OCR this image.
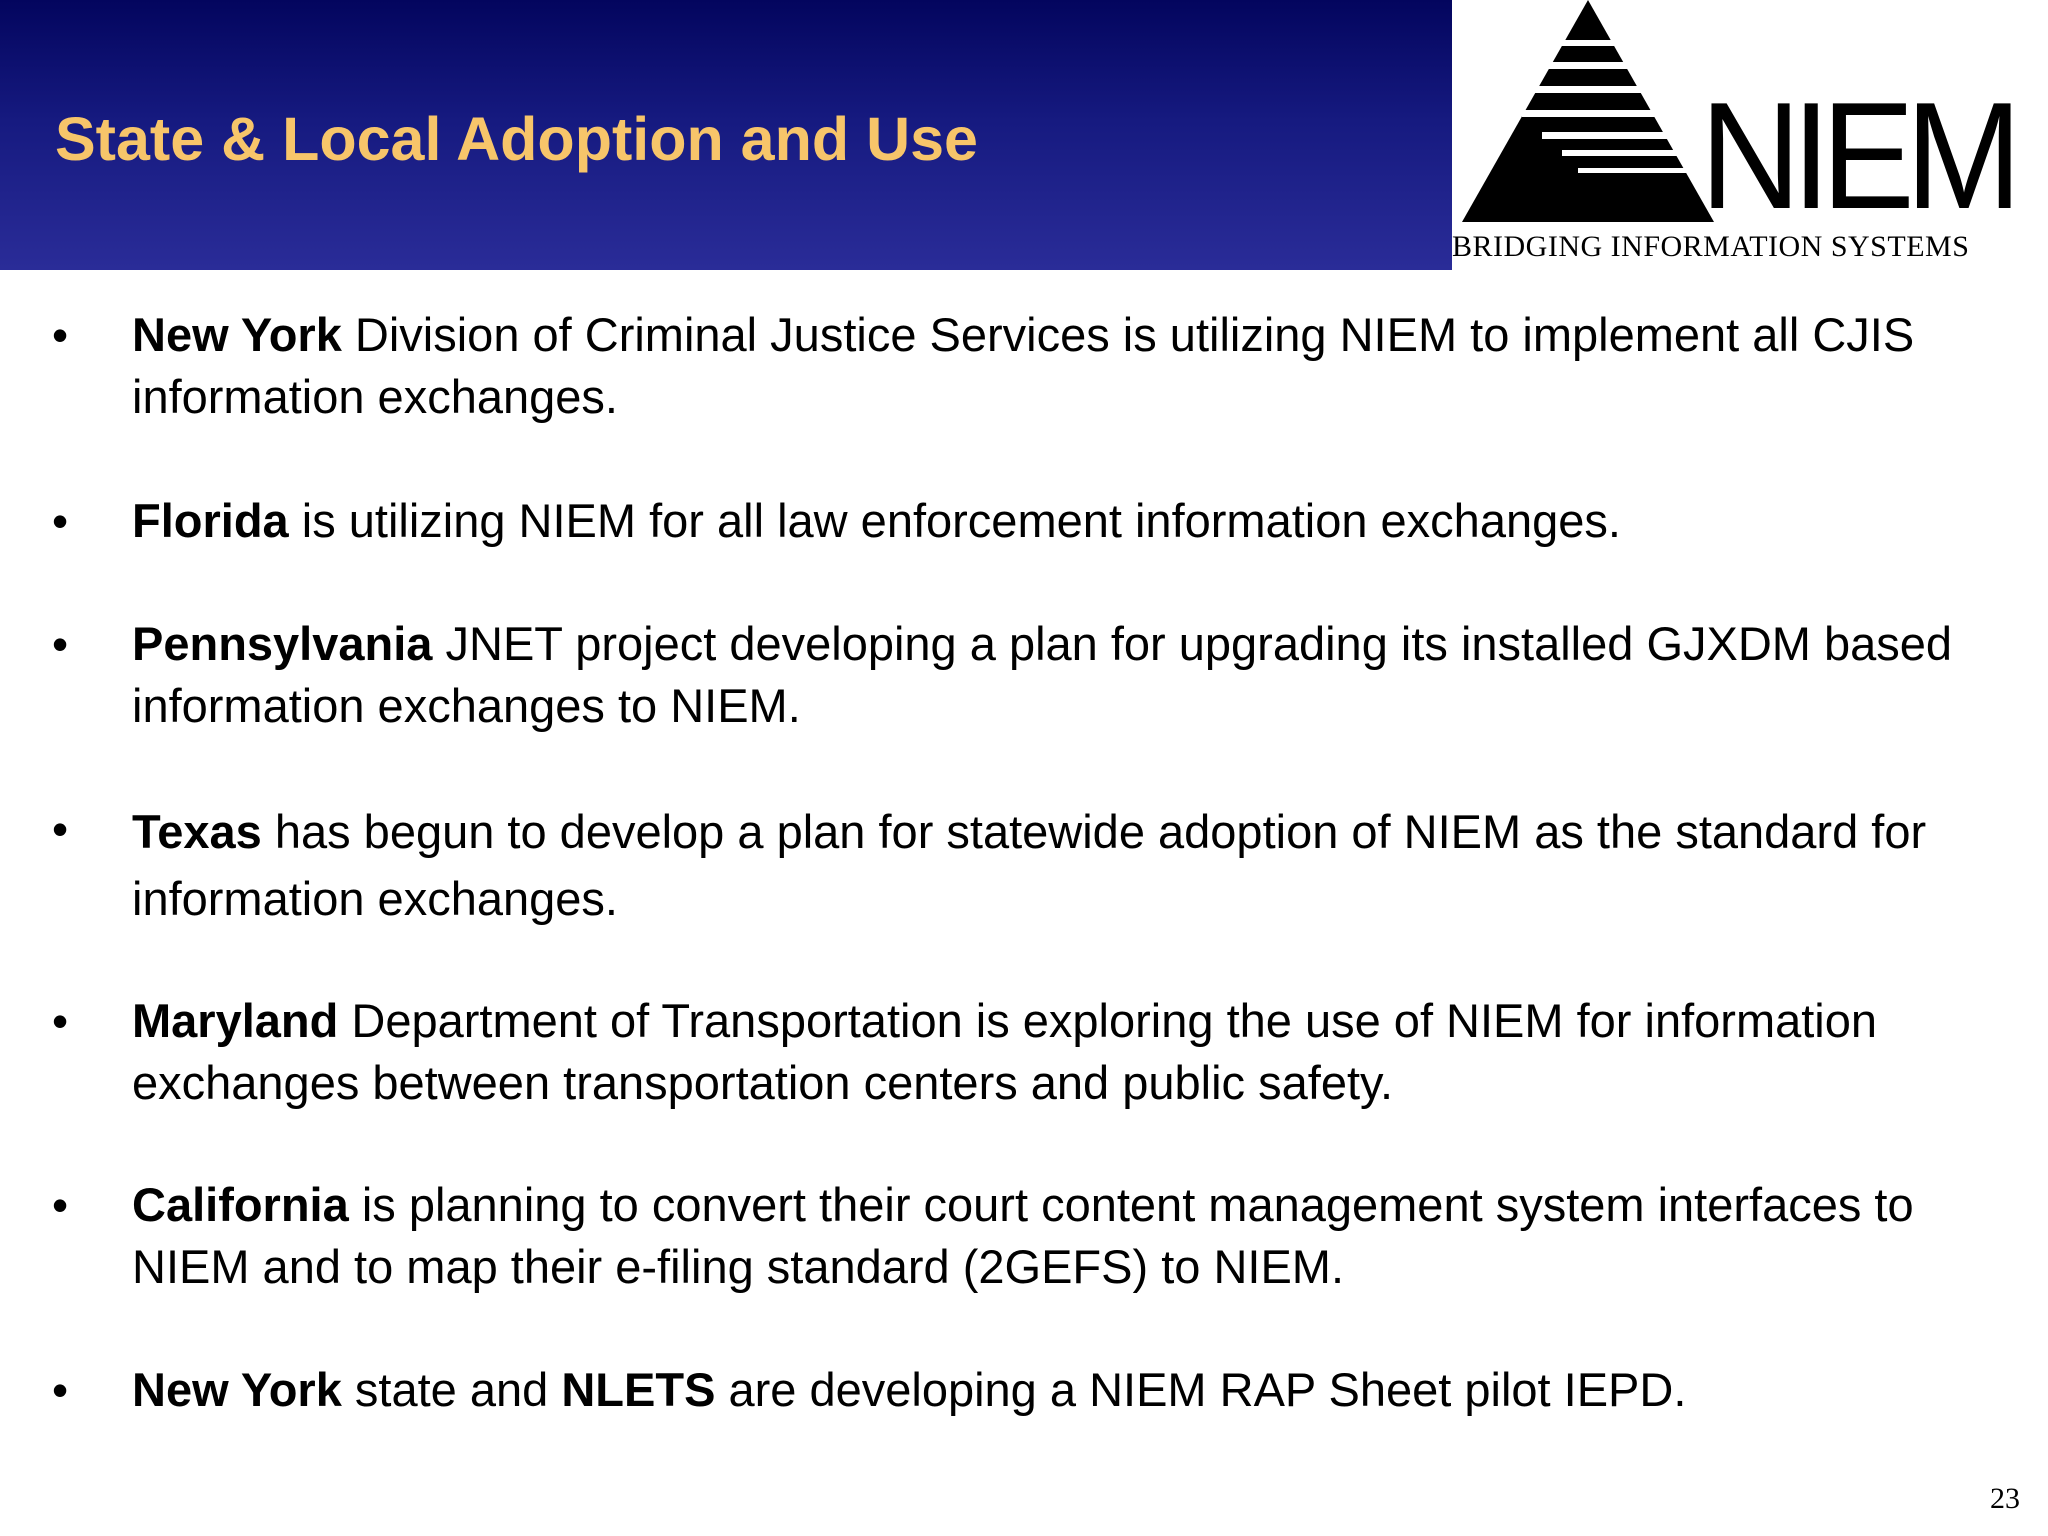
State & Local Adoption and Use	NIEM
BRIDGING INFORMATION SYSTEMS
• New York Division of Criminal Justice Services is utilizing NIEM to implement all CJIS information exchanges.
• Florida is utilizing NIEM for all law enforcement information exchanges.
• Pennsylvania JNET project developing a plan for upgrading its installed GJXDM based information exchanges to NIEM.
• Texas has begun to develop a plan for statewide adoption of NIEM as the standard for information exchanges.
• Maryland Department of Transportation is exploring the use of NIEM for information exchanges between transportation centers and public safety.
• California is planning to convert their court content management system interfaces to NIEM and to map their e-filing standard (2GEFS) to NIEM.
• New York state and NLETS are developing a NIEM RAP Sheet pilot IEPD.
23
